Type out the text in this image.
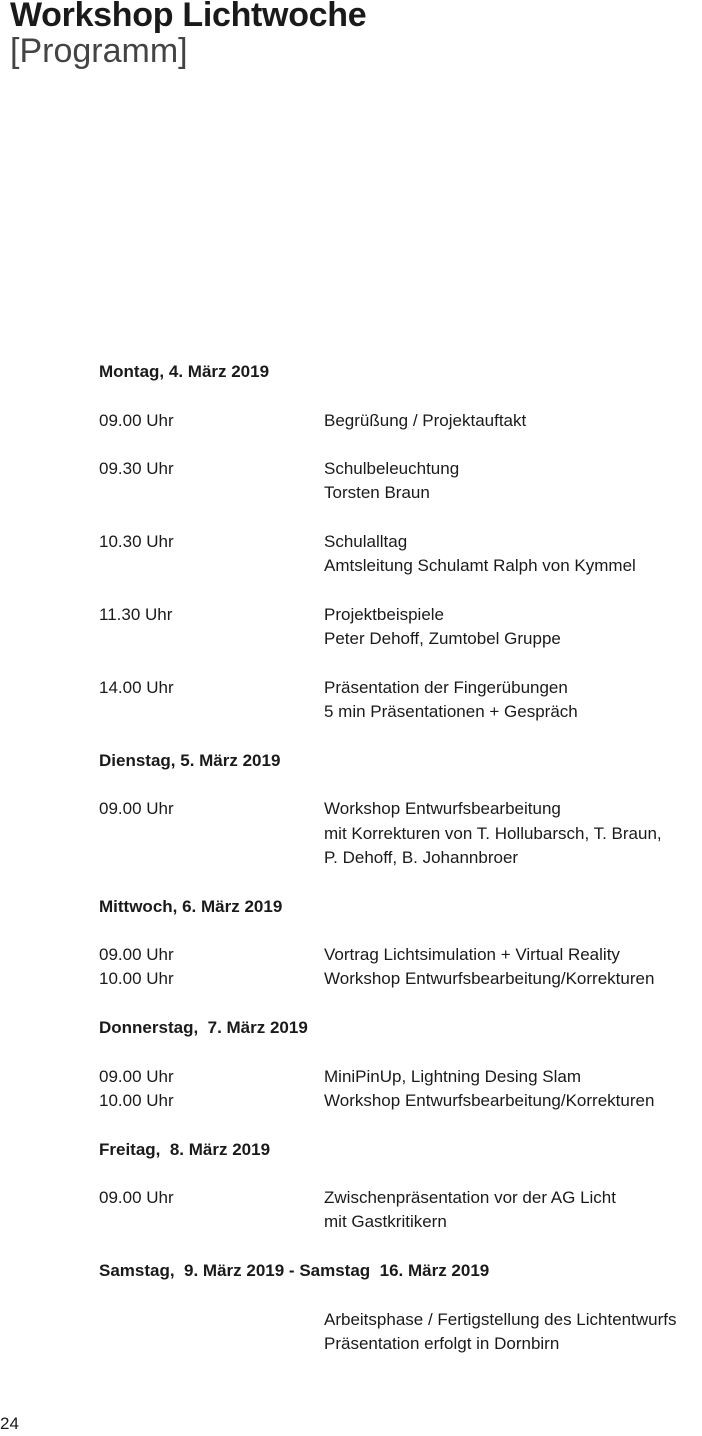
Workshop Lichtwoche
[Programm]
Montag, 4. März 2019
09.00 Uhr	Begrüßung / Projektauftakt
09.30 Uhr	Schulbeleuchtung
Torsten Braun
10.30 Uhr	Schulalltag
Amtsleitung Schulamt Ralph von Kymmel
11.30 Uhr	Projektbeispiele
Peter Dehoff, Zumtobel Gruppe
14.00 Uhr	Präsentation der Fingerübungen
5 min Präsentationen + Gespräch
Dienstag, 5. März 2019
09.00 Uhr	Workshop Entwurfsbearbeitung
mit Korrekturen von T. Hollubarsch, T. Braun,
P. Dehoff, B. Johannbroer
Mittwoch, 6. März 2019
09.00 Uhr	Vortrag Lichtsimulation + Virtual Reality
10.00 Uhr	Workshop Entwurfsbearbeitung/Korrekturen
Donnerstag,  7. März 2019
09.00 Uhr	MiniPinUp, Lightning Desing Slam
10.00 Uhr	Workshop Entwurfsbearbeitung/Korrekturen
Freitag,  8. März 2019
09.00 Uhr	Zwischenpräsentation vor der AG Licht
mit Gastkritikern
Samstag,  9. März 2019 - Samstag  16. März 2019
Arbeitsphase / Fertigstellung des Lichtentwurfs
Präsentation erfolgt in Dornbirn
24
